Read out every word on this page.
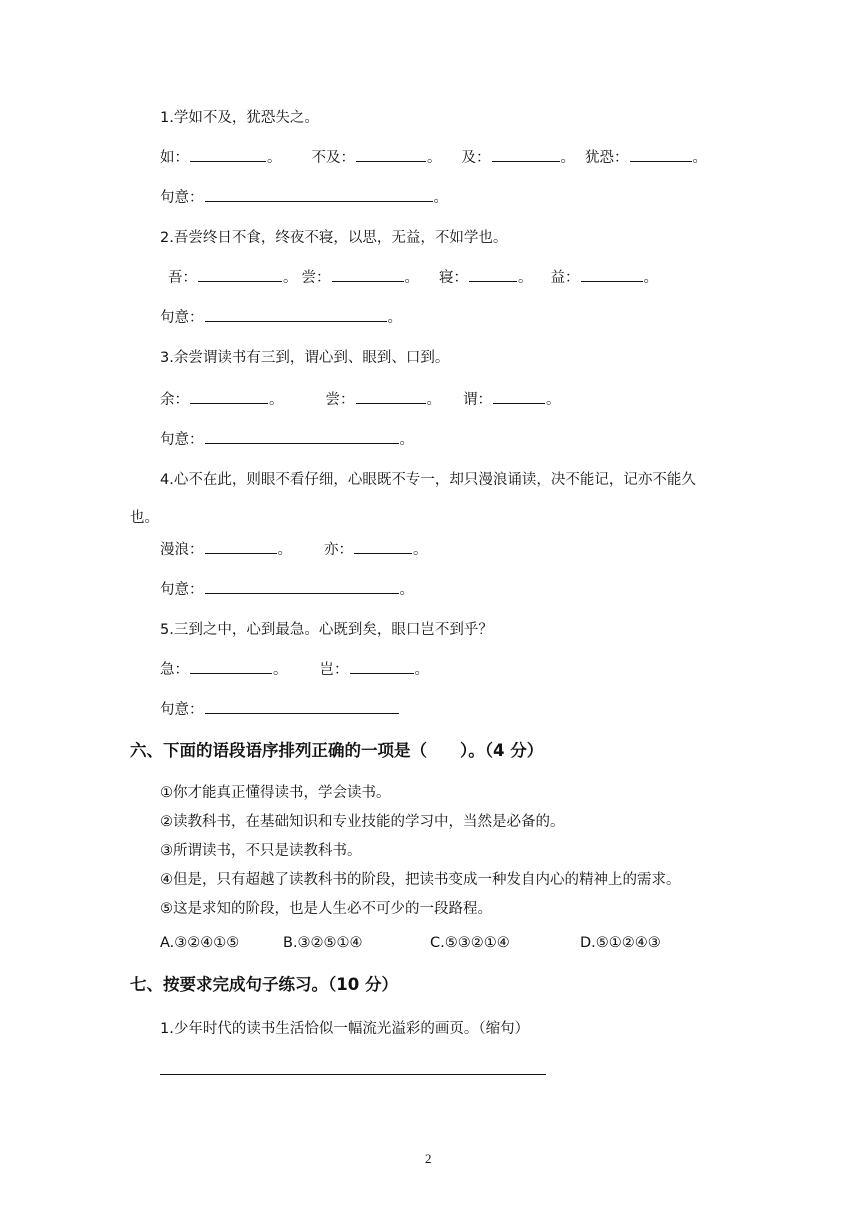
1.学如不及，犹恐失之。
如：	。 不及：	。 及：	。 犹恐：	。
句意：	。
2.吾尝终日不食，终夜不寝，以思，无益，不如学也。
吾：	。 尝：	。 寝：	。 益：	。
句意：	。
3.余尝谓读书有三到，谓心到、眼到、口到。
余：	。	尝：	。 谓：	。
句意：	。
4.心不在此，则眼不看仔细，心眼既不专一，却只漫浪诵读，决不能记，记亦不能久
也。
漫浪：	。 亦：	。
句意：	。
5.三到之中，心到最急。心既到矣，眼口岂不到乎？
急：	。 岂：	。
句意：
六、下面的语段语序排列正确的一项是（　　）。（4 分）
①你才能真正懂得读书，学会读书。
②读教科书，在基础知识和专业技能的学习中，当然是必备的。
③所谓读书，不只是读教科书。
④但是，只有超越了读教科书的阶段，把读书变成一种发自内心的精神上的需求。
⑤这是求知的阶段，也是人生必不可少的一段路程。
A.③②④①⑤	B.③②⑤①④	C.⑤③②①④	D.⑤①②④③
七、按要求完成句子练习。（10 分）
1.少年时代的读书生活恰似一幅流光溢彩的画页。（缩句）
2
